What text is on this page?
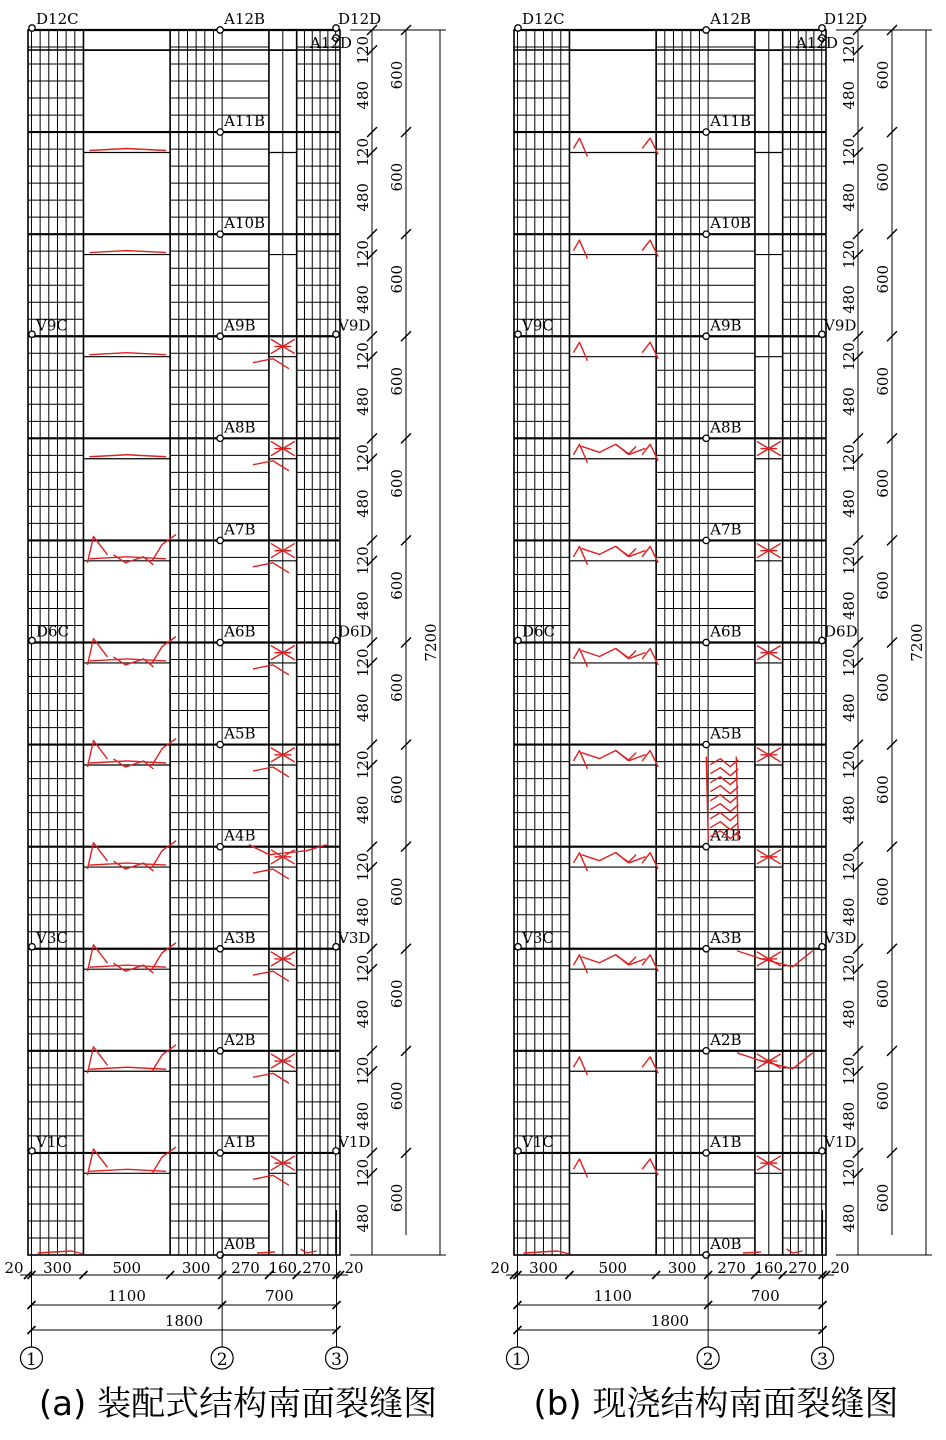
A12B
A11B
A10B
A9B
A8B
A7B
A6B
A5B
A4B
A3B
A2B
A1B
A0B
D12C
V9C
D6C
V3C
V1C
D12D
V9D
D6D
V3D
V1D
A12D
120
480
600
120
480
600
120
480
600
120
480
600
120
480
600
120
480
600
120
480
600
120
480
600
120
480
600
120
480
600
120
480
600
120
480
600
7200
20 300	500	300 270 160 270 20
1100	700
1800
1	2	3
A12B
A11B
A10B
A9B
A8B
A7B
A6B
A5B
A4B
A3B
A2B
A1B
A0B
D12C
V9C
D6C
V3C
V1C
D12D
V9D
D6D
V3D
V1D
A12D
120
480
600
120
480
600
120
480
600
120
480
600
120
480
600
120
480
600
120
480
600
120
480
600
120
480
600
120
480
600
120
480
600
120
480
600
7200
20 300	500	300 270 160 270 20
1100	700
1800
1	2	3
(a) 装配式结构南面裂缝图	(b) 现浇结构南面裂缝图
